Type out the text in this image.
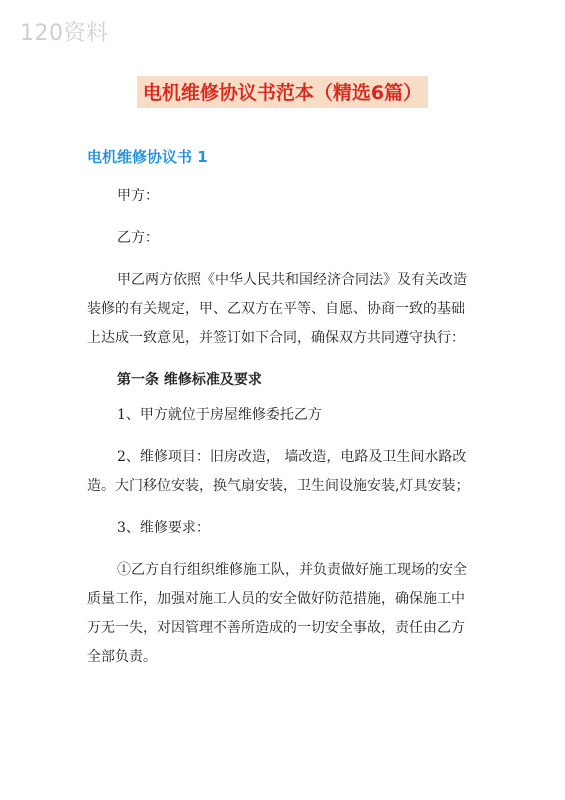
120资料
电机维修协议书范本（精选6篇）
电机维修协议书 1
甲方：
乙方：
甲乙两方依照《中华人民共和国经济合同法》及有关改造
装修的有关规定，甲、乙双方在平等、自愿、协商一致的基础
上达成一致意见，并签订如下合同，确保双方共同遵守执行：
第一条 维修标准及要求
1、甲方就位于房屋维修委托乙方
2、维修项目：旧房改造， 墙改造，电路及卫生间水路改
造。大门移位安装，换气扇安装，卫生间设施安装,灯具安装；
3、维修要求：
①乙方自行组织维修施工队，并负责做好施工现场的安全
质量工作，加强对施工人员的安全做好防范措施，确保施工中
万无一失，对因管理不善所造成的一切安全事故，责任由乙方
全部负责。
